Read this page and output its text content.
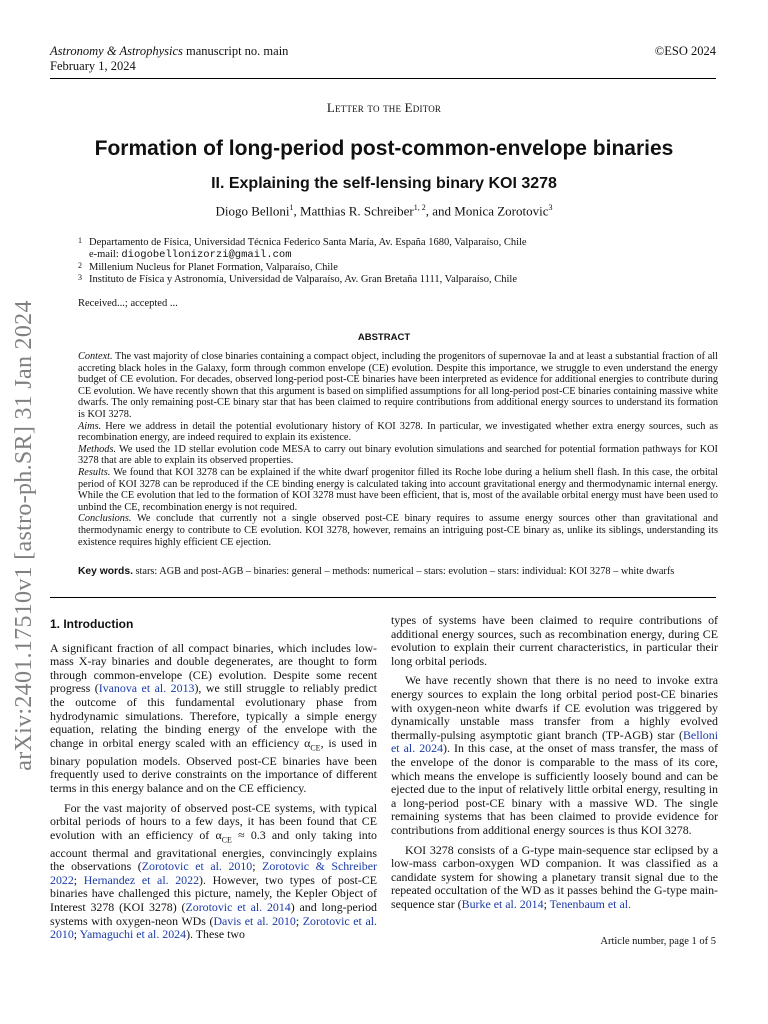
Astronomy & Astrophysics manuscript no. main
February 1, 2024
©ESO 2024
Letter to the Editor
Formation of long-period post-common-envelope binaries
II. Explaining the self-lensing binary KOI 3278
Diogo Belloni$^1$, Matthias R. Schreiber$^{1, 2}$, and Monica Zorotovic$^3$
1 Departamento de Física, Universidad Técnica Federico Santa María, Av. España 1680, Valparaíso, Chile
e-mail: diogobellonizorzi@gmail.com
2 Millenium Nucleus for Planet Formation, Valparaíso, Chile
3 Instituto de Física y Astronomía, Universidad de Valparaíso, Av. Gran Bretaña 1111, Valparaíso, Chile
Received...; accepted ...
ABSTRACT

Context. The vast majority of close binaries containing a compact object, including the progenitors of supernovae Ia and at least a substantial fraction of all accreting black holes in the Galaxy, form through common envelope (CE) evolution. Despite this importance, we struggle to even understand the energy budget of CE evolution. For decades, observed long-period post-CE binaries have been interpreted as evidence for additional energies to contribute during CE evolution. We have recently shown that this argument is based on simplified assumptions for all long-period post-CE binaries containing massive white dwarfs. The only remaining post-CE binary star that has been claimed to require contributions from additional energy sources to understand its formation is KOI 3278.

Aims. Here we address in detail the potential evolutionary history of KOI 3278. In particular, we investigated whether extra energy sources, such as recombination energy, are indeed required to explain its existence.

Methods. We used the 1D stellar evolution code MESA to carry out binary evolution simulations and searched for potential formation pathways for KOI 3278 that are able to explain its observed properties.

Results. We found that KOI 3278 can be explained if the white dwarf progenitor filled its Roche lobe during a helium shell flash. In this case, the orbital period of KOI 3278 can be reproduced if the CE binding energy is calculated taking into account gravitational energy and thermodynamic internal energy. While the CE evolution that led to the formation of KOI 3278 must have been efficient, that is, most of the available orbital energy must have been used to unbind the CE, recombination energy is not required.

Conclusions. We conclude that currently not a single observed post-CE binary requires to assume energy sources other than gravitational and thermodynamic energy to contribute to CE evolution. KOI 3278, however, remains an intriguing post-CE binary as, unlike its siblings, understanding its existence requires highly efficient CE ejection.

Key words. stars: AGB and post-AGB – binaries: general – methods: numerical – stars: evolution – stars: individual: KOI 3278 – white dwarfs
1. Introduction

A significant fraction of all compact binaries, which includes low-mass X-ray binaries and double degenerates, are thought to form through common-envelope (CE) evolution. Despite some recent progress (Ivanova et al. 2013), we still struggle to reliably predict the outcome of this fundamental evolutionary phase from hydrodynamic simulations. Therefore, typically a simple energy equation, relating the binding energy of the envelope with the change in orbital energy scaled with an efficiency $\alpha_{CE}$, is used in binary population models. Observed post-CE binaries have been frequently used to derive constraints on the importance of different terms in this energy balance and on the CE efficiency.

For the vast majority of observed post-CE systems, with typical orbital periods of hours to a few days, it has been found that CE evolution with an efficiency of $\alpha_{CE} \approx 0.3$ and only taking into account thermal and gravitational energies, convincingly explains the observations (Zorotovic et al. 2010; Zorotovic & Schreiber 2022; Hernandez et al. 2022). However, two types of post-CE binaries have challenged this picture, namely, the Kepler Object of Interest 3278 (KOI 3278) (Zorotovic et al. 2014) and long-period systems with oxygen-neon WDs (Davis et al. 2010; Zorotovic et al. 2010; Yamaguchi et al. 2024). These two

types of systems have been claimed to require contributions of additional energy sources, such as recombination energy, during CE evolution to explain their current characteristics, in particular their long orbital periods.

We have recently shown that there is no need to invoke extra energy sources to explain the long orbital period post-CE binaries with oxygen-neon white dwarfs if CE evolution was triggered by dynamically unstable mass transfer from a highly evolved thermally-pulsing asymptotic giant branch (TP-AGB) star (Belloni et al. 2024). In this case, at the onset of mass transfer, the mass of the envelope of the donor is comparable to the mass of its core, which means the envelope is sufficiently loosely bound and can be ejected due to the input of relatively little orbital energy, resulting in a long-period post-CE binary with a massive WD. The single remaining systems that has been claimed to provide evidence for contributions from additional energy sources is thus KOI 3278.

KOI 3278 consists of a G-type main-sequence star eclipsed by a low-mass carbon-oxygen WD companion. It was classified as a candidate system for showing a planetary transit signal due to the repeated occultation of the WD as it passes behind the G-type main-sequence star (Burke et al. 2014; Tenenbaum et al.

Article number, page 1 of 5
arXiv:2401.17510v1 [astro-ph.SR] 31 Jan 2024
